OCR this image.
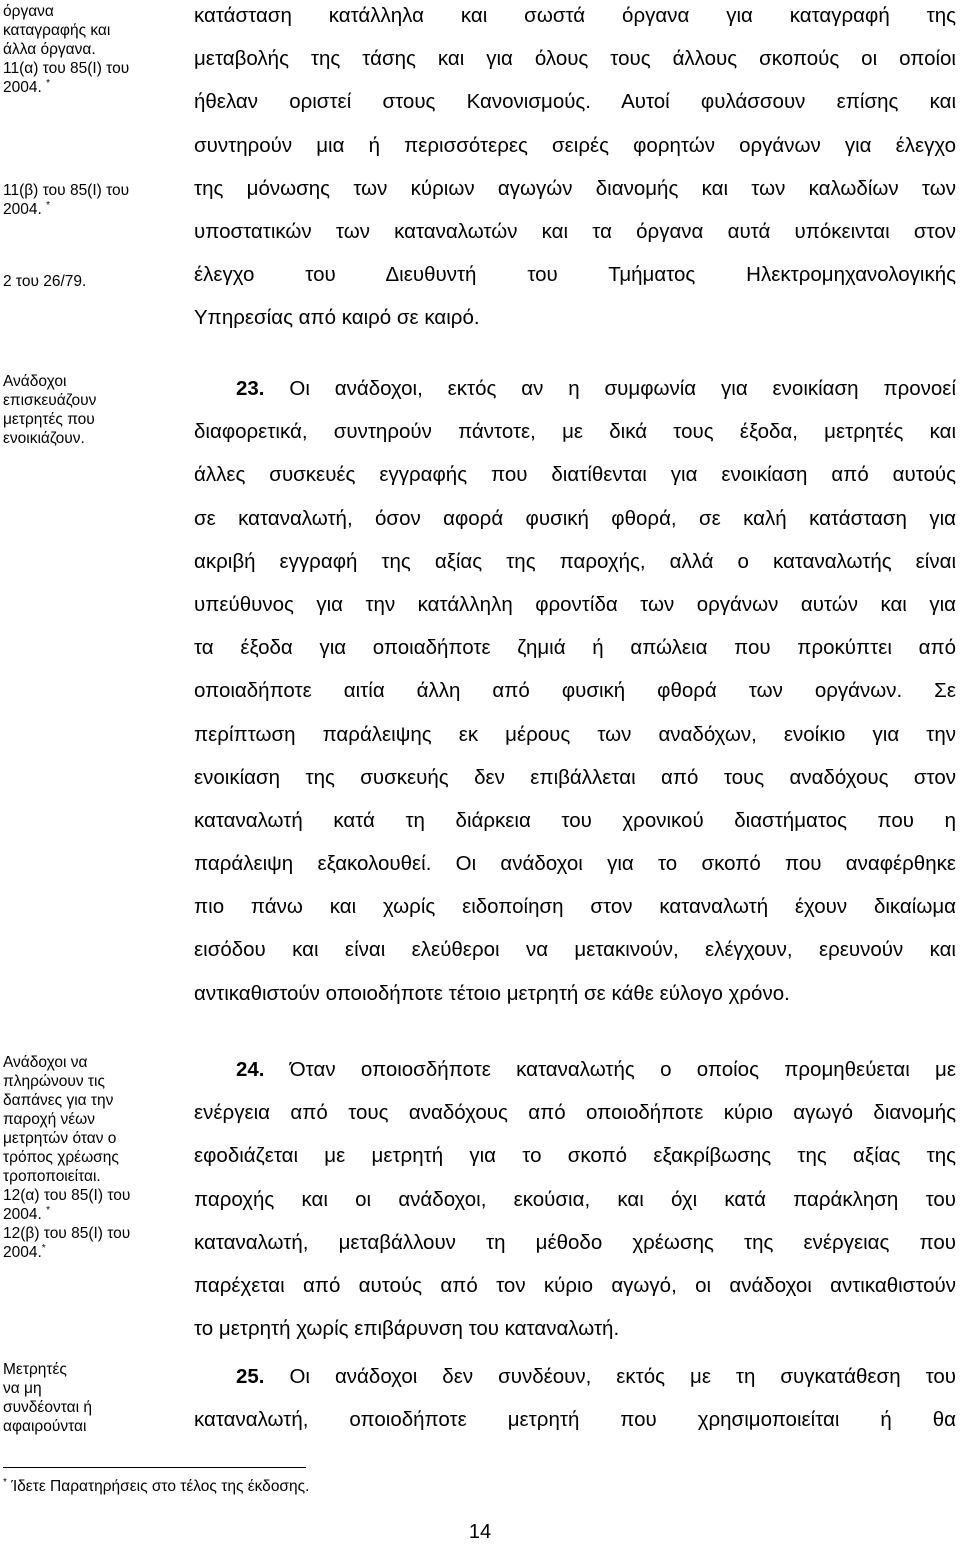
όργανα
καταγραφής και
άλλα όργανα.
11(α) του 85(Ι) του
2004. *
11(β) του 85(Ι) του
2004. *
2 του 26/79.
Ανάδοχοι
επισκευάζουν
μετρητές που
ενοικιάζουν.
Ανάδοχοι να
πληρώνουν τις
δαπάνες για την
παροχή νέων
μετρητών όταν ο
τρόπος χρέωσης
τροποποιείται.
12(α) του 85(Ι) του
2004. *
12(β) του 85(Ι) του
2004.*
Μετρητές
να μη
συνδέονται ή
αφαιρούνται
κατάσταση κατάλληλα και σωστά όργανα για καταγραφή της
μεταβολής της τάσης και για όλους τους άλλους σκοπούς οι οποίοι
ήθελαν οριστεί στους Κανονισμούς. Αυτοί φυλάσσουν επίσης και
συντηρούν μια ή περισσότερες σειρές φορητών οργάνων για έλεγχο
της μόνωσης των κύριων αγωγών διανομής και των καλωδίων των
υποστατικών των καταναλωτών και τα όργανα αυτά υπόκεινται στον
έλεγχο του Διευθυντή του Τμήματος Ηλεκτρομηχανολογικής
Υπηρεσίας από καιρό σε καιρό.
23. Οι ανάδοχοι, εκτός αν η συμφωνία για ενοικίαση προνοεί
διαφορετικά, συντηρούν πάντοτε, με δικά τους έξοδα, μετρητές και
άλλες συσκευές εγγραφής που διατίθενται για ενοικίαση από αυτούς
σε καταναλωτή, όσον αφορά φυσική φθορά, σε καλή κατάσταση για
ακριβή εγγραφή της αξίας της παροχής, αλλά ο καταναλωτής είναι
υπεύθυνος για την κατάλληλη φροντίδα των οργάνων αυτών και για
τα έξοδα για οποιαδήποτε ζημιά ή απώλεια που προκύπτει από
οποιαδήποτε αιτία άλλη από φυσική φθορά των οργάνων. Σε
περίπτωση παράλειψης εκ μέρους των αναδόχων, ενοίκιο για την
ενοικίαση της συσκευής δεν επιβάλλεται από τους αναδόχους στον
καταναλωτή κατά τη διάρκεια του χρονικού διαστήματος που η
παράλειψη εξακολουθεί. Οι ανάδοχοι για το σκοπό που αναφέρθηκε
πιο πάνω και χωρίς ειδοποίηση στον καταναλωτή έχουν δικαίωμα
εισόδου και είναι ελεύθεροι να μετακινούν, ελέγχουν, ερευνούν και
αντικαθιστούν οποιοδήποτε τέτοιο μετρητή σε κάθε εύλογο χρόνο.
24. Όταν οποιοσδήποτε καταναλωτής ο οποίος προμηθεύεται με
ενέργεια από τους αναδόχους από οποιοδήποτε κύριο αγωγό διανομής
εφοδιάζεται με μετρητή για το σκοπό εξακρίβωσης της αξίας της
παροχής και οι ανάδοχοι, εκούσια, και όχι κατά παράκληση του
καταναλωτή, μεταβάλλουν τη μέθοδο χρέωσης της ενέργειας που
παρέχεται από αυτούς από τον κύριο αγωγό, οι ανάδοχοι αντικαθιστούν
το μετρητή χωρίς επιβάρυνση του καταναλωτή.
25. Οι ανάδοχοι δεν συνδέουν, εκτός με τη συγκατάθεση του
καταναλωτή, οποιοδήποτε μετρητή που χρησιμοποιείται ή θα
* Ίδετε Παρατηρήσεις στο τέλος της έκδοσης.
14
